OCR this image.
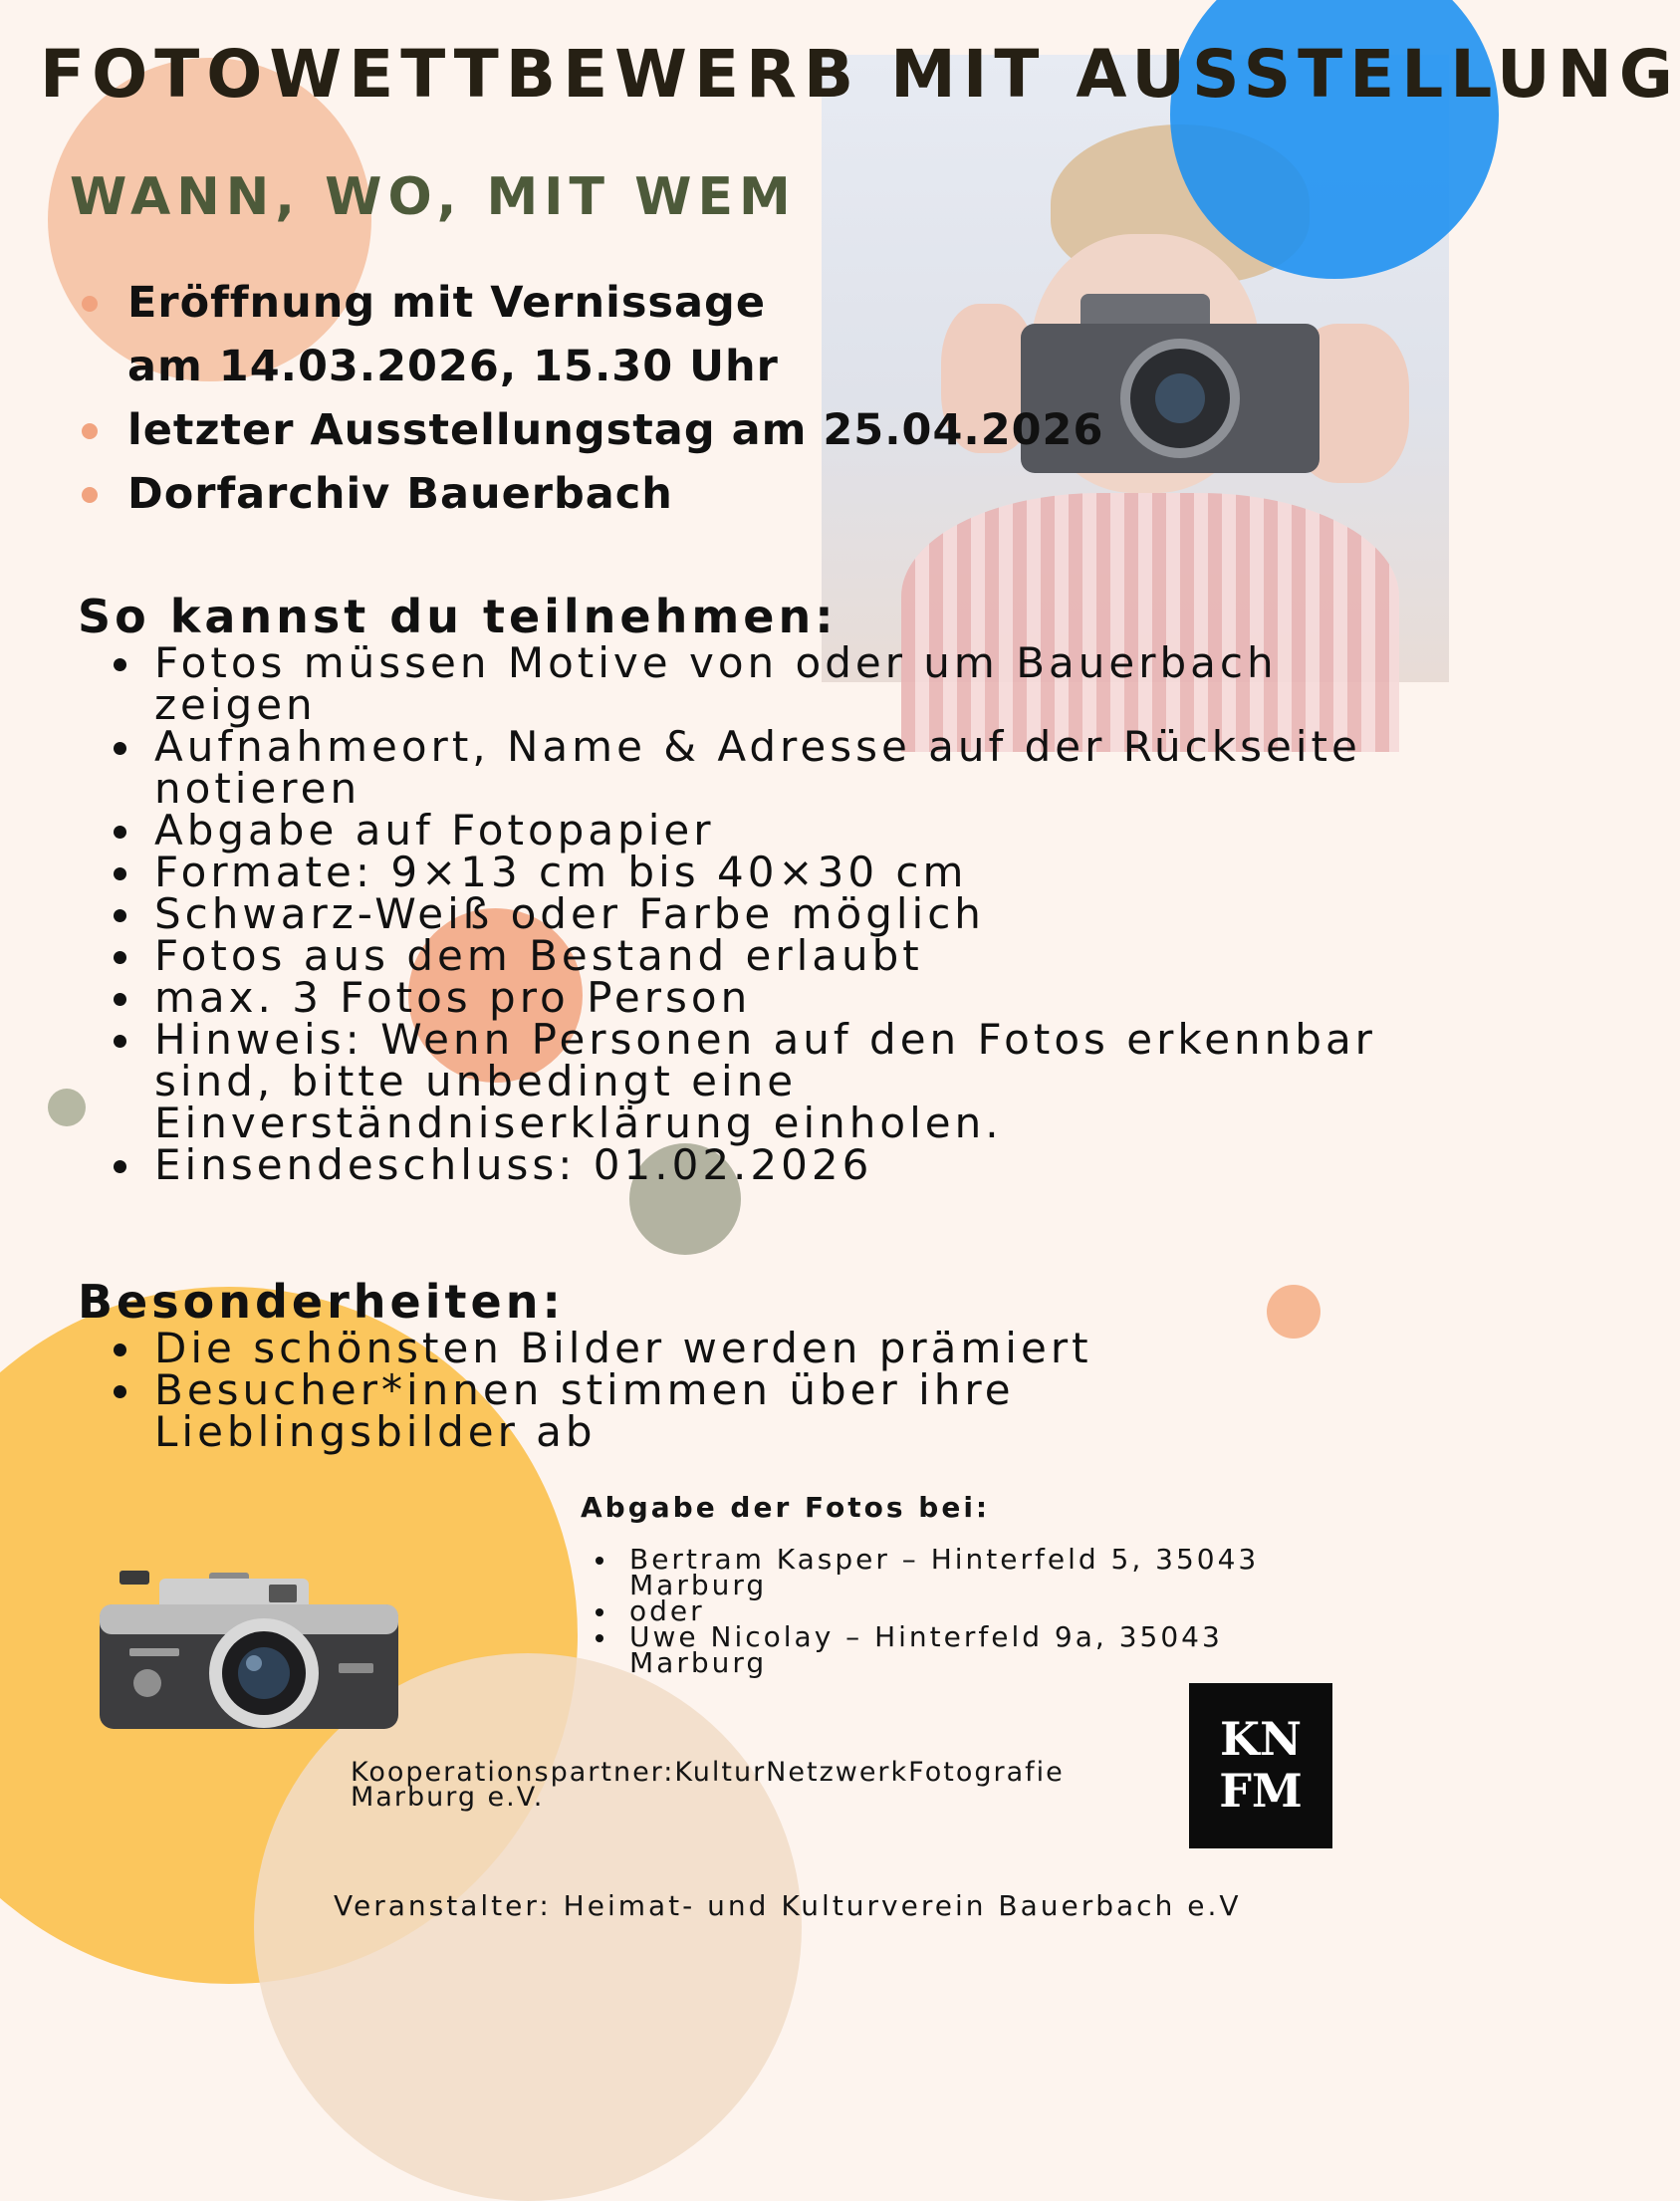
FOTOWETTBEWERB MIT AUSSTELLUNG
WANN, WO, MIT WEM
Eröffnung mit Vernissage
am 14.03.2026, 15.30 Uhr
letzter Ausstellungstag am 25.04.2026
Dorfarchiv Bauerbach
So kannst du teilnehmen:
Fotos müssen Motive von oder um Bauerbach zeigen
Aufnahmeort, Name & Adresse auf der Rückseite notieren
Abgabe auf Fotopapier
Formate: 9×13 cm bis 40×30 cm
Schwarz-Weiß oder Farbe möglich
Fotos aus dem Bestand erlaubt
max. 3 Fotos pro Person
Hinweis: Wenn Personen auf den Fotos erkennbar sind, bitte unbedingt eine Einverständniserklärung einholen.
Einsendeschluss: 01.02.2026
Besonderheiten:
Die schönsten Bilder werden prämiert
Besucher*innen stimmen über ihre Lieblingsbilder ab
Abgabe der Fotos bei:
Bertram Kasper – Hinterfeld 5, 35043 Marburg
oder
Uwe Nicolay – Hinterfeld 9a, 35043 Marburg
KN
FM
Kooperationspartner:KulturNetzwerkFotografie Marburg e.V.
Veranstalter: Heimat- und Kulturverein Bauerbach e.V
